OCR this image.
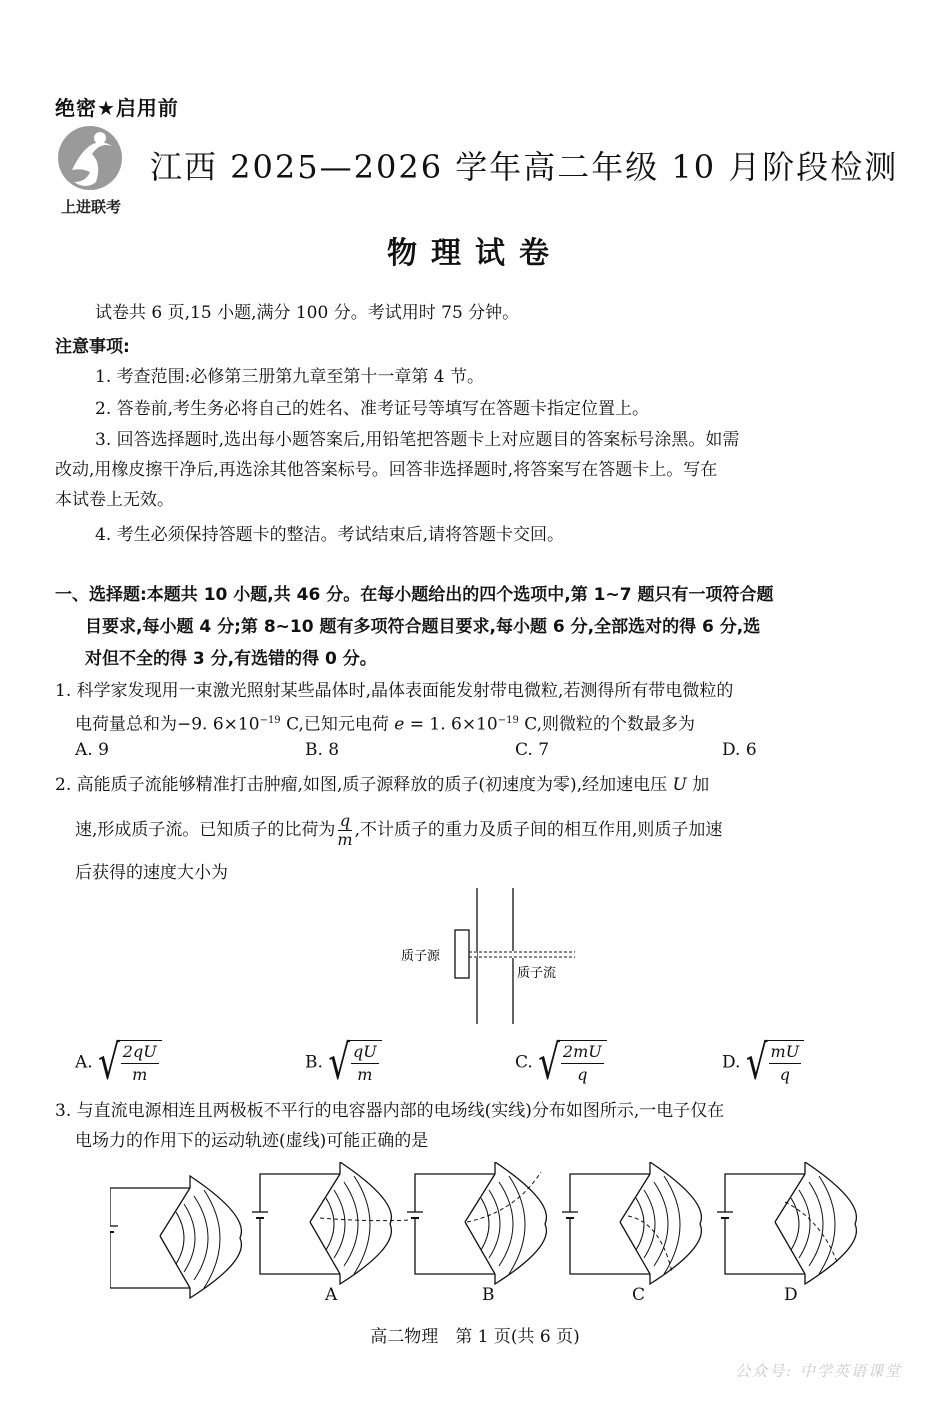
绝密★启用前
上进联考
江西 2025—2026 学年高二年级 10 月阶段检测
物理试卷
试卷共 6 页,15 小题,满分 100 分。考试用时 75 分钟。
注意事项:
1. 考查范围:必修第三册第九章至第十一章第 4 节。
2. 答卷前,考生务必将自己的姓名、准考证号等填写在答题卡指定位置上。
3. 回答选择题时,选出每小题答案后,用铅笔把答题卡上对应题目的答案标号涂黑。如需
改动,用橡皮擦干净后,再选涂其他答案标号。回答非选择题时,将答案写在答题卡上。写在
本试卷上无效。
4. 考生必须保持答题卡的整洁。考试结束后,请将答题卡交回。
一、选择题:本题共 10 小题,共 46 分。在每小题给出的四个选项中,第 1~7 题只有一项符合题
目要求,每小题 4 分;第 8~10 题有多项符合题目要求,每小题 6 分,全部选对的得 6 分,选
对但不全的得 3 分,有选错的得 0 分。
1. 科学家发现用一束激光照射某些晶体时,晶体表面能发射带电微粒,若测得所有带电微粒的
电荷量总和为−9. $6\times 10^{-19}$ C,已知元电荷 e = 1. $6\times 10^{-19}$ C,则微粒的个数最多为
A. 9	B. 8	C. 7	D. 6
2. 高能质子流能够精准打击肿瘤,如图,质子源释放的质子(初速度为零),经加速电压 U 加
速,形成质子流。已知质子的比荷为 $\frac{q}{m}$ ,不计质子的重力及质子间的相互作用,则质子加速
后获得的速度大小为
质子源
质子流
A. √
$\frac{2qU}{m}$	B. √
$\frac{qU}{m}$	C. √
$\frac{2mU}{q}$	D. √
$\frac{mU}{q}$
3. 与直流电源相连且两极板不平行的电容器内部的电场线(实线)分布如图所示,一电子仅在
电场力的作用下的运动轨迹(虚线)可能正确的是
A	B	C	D
高二物理　第 1 页(共 6 页)
公众号: 中学英语课堂
